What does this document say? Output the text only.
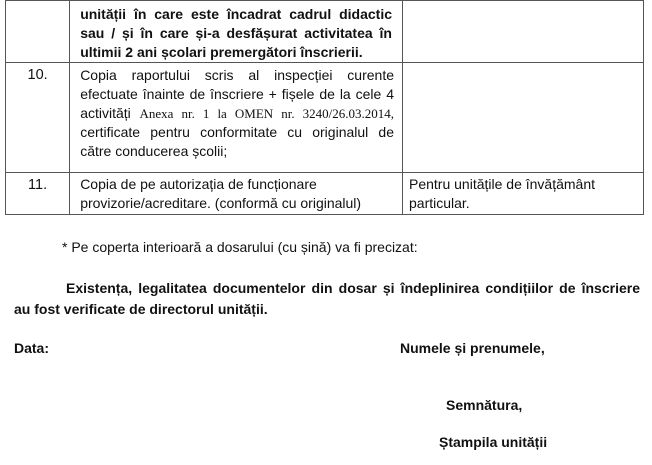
	unității în care este încadrat cadrul didactic sau / și în care și-a desfășurat activitatea în ultimii 2 ani școlari premergători înscrierii.	
10.	Copia raportului scris al inspecției curente efectuate înainte de înscriere + fișele de la cele 4 activități Anexa nr. 1 la OMEN nr. 3240/26.03.2014, certificate pentru conformitate cu originalul de către conducerea școlii;	
11.	Copia de pe autorizația de funcționare provizorie/acreditare. (conformă cu originalul)	Pentru unitățile de învățământ particular.
* Pe coperta interioară a dosarului (cu șină) va fi precizat:
Existența, legalitatea documentelor din dosar și îndeplinirea condițiilor de înscriere au fost verificate de directorul unității.
Data:	Numele și prenumele,
Semnătura,
Ștampila unității
